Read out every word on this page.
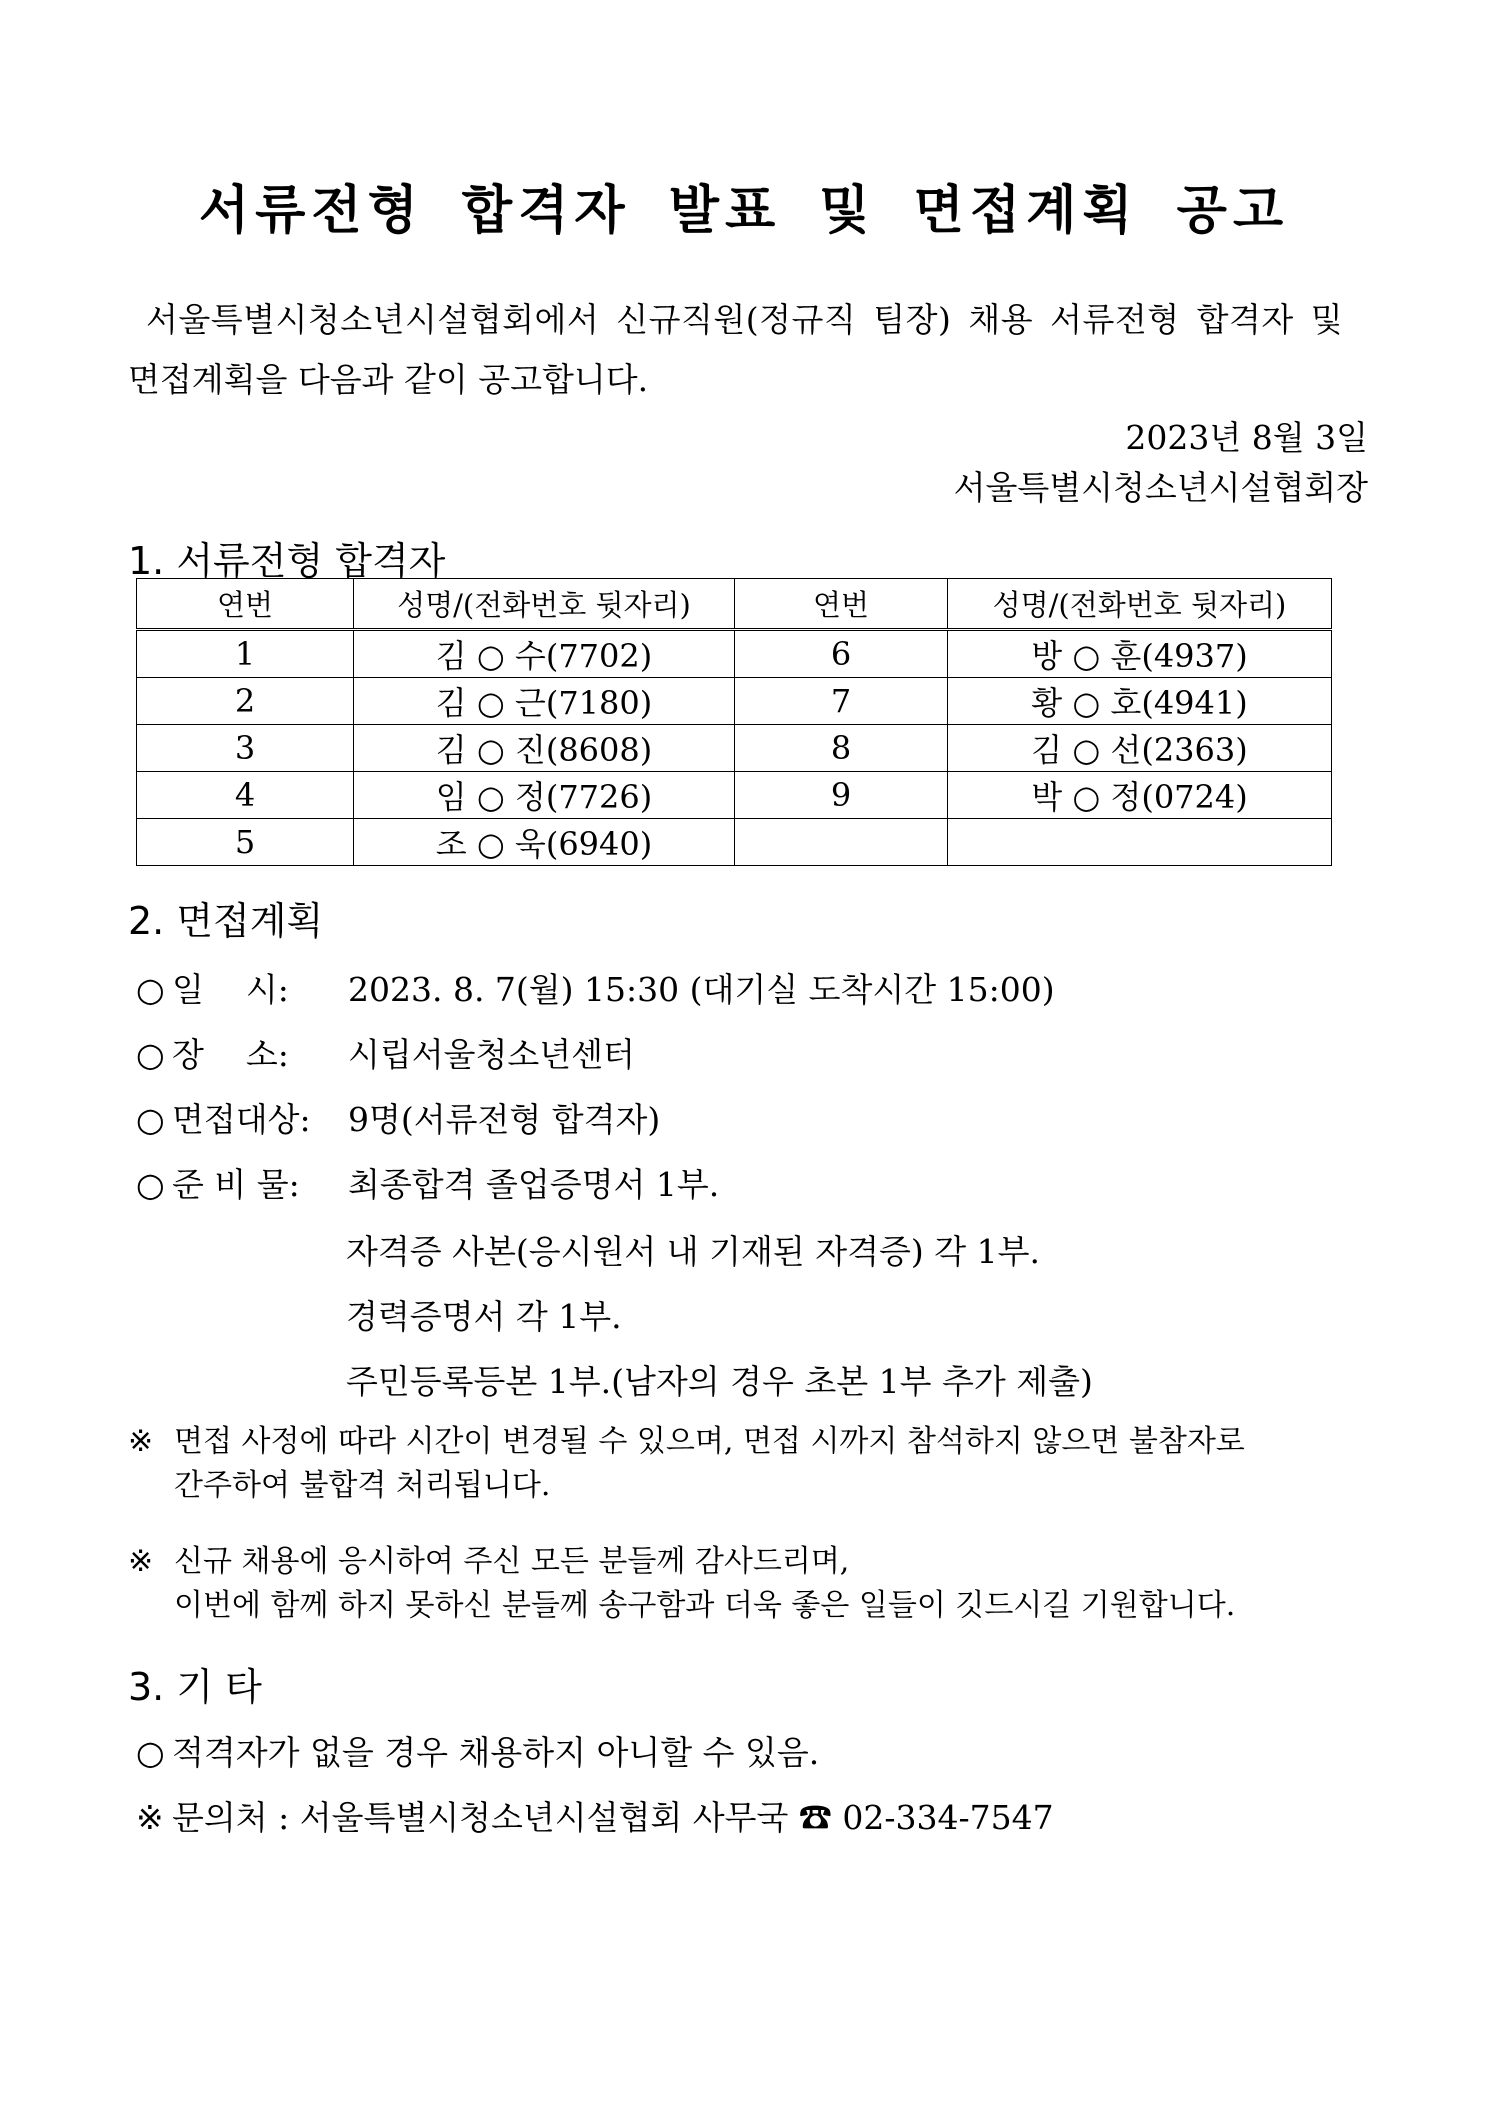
서류전형 합격자 발표 및 면접계획 공고

서울특별시청소년시설협회에서 신규직원(정규직 팀장) 채용 서류전형 합격자 및

면접계획을 다음과 같이 공고합니다.

2023년 8월 3일
서울특별시청소년시설협회장
1. 서류전형 합격자
연번	성명/(전화번호 뒷자리)	연번	성명/(전화번호 뒷자리)
1	김 ○ 수(7702)	6	방 ○ 훈(4937)
2	김 ○ 근(7180)	7	황 ○ 호(4941)
3	김 ○ 진(8608)	8	김 ○ 선(2363)
4	임 ○ 정(7726)	9	박 ○ 정(0724)
5	조 ○ 욱(6940)		
2. 면접계획
○ 일    시: 2023. 8. 7(월) 15:30 (대기실 도착시간 15:00)
○ 장    소: 시립서울청소년센터
○ 면접대상: 9명(서류전형 합격자)
○ 준 비 물: 최종합격 졸업증명서 1부.
자격증 사본(응시원서 내 기재된 자격증) 각 1부.
경력증명서 각 1부.
주민등록등본 1부.(남자의 경우 초본 1부 추가 제출)
※ 면접 사정에 따라 시간이 변경될 수 있으며, 면접 시까지 참석하지 않으면 불참자로
간주하여 불합격 처리됩니다.
※ 신규 채용에 응시하여 주신 모든 분들께 감사드리며,
이번에 함께 하지 못하신 분들께 송구함과 더욱 좋은 일들이 깃드시길 기원합니다.
3. 기 타
○ 적격자가 없을 경우 채용하지 아니할 수 있음.
※ 문의처 : 서울특별시청소년시설협회 사무국 ☎ 02-334-7547
